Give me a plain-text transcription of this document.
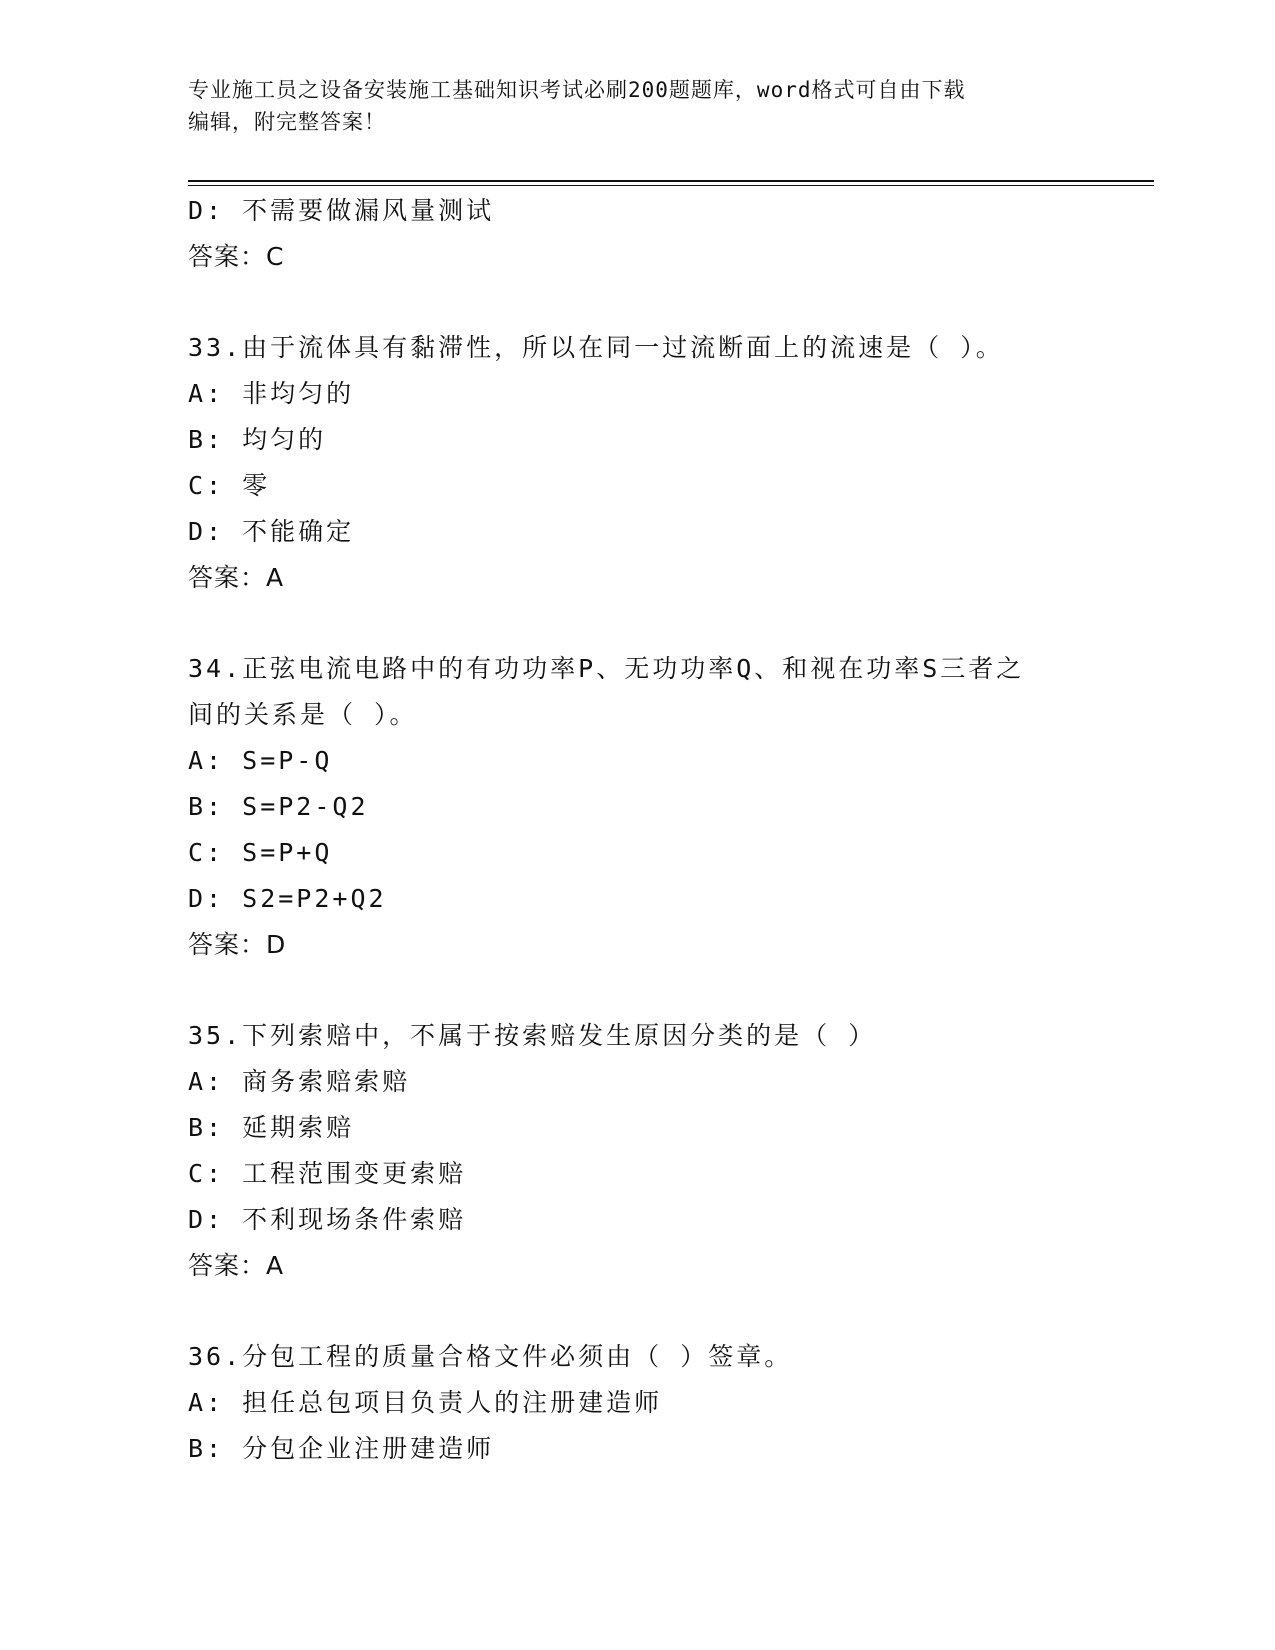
专业施工员之设备安装施工基础知识考试必刷200题题库，word格式可自由下载
编辑，附完整答案！
D: 不需要做漏风量测试
答案：C
33.由于流体具有黏滞性，所以在同一过流断面上的流速是（ ）。
A: 非均匀的
B: 均匀的
C: 零
D: 不能确定
答案：A
34.正弦电流电路中的有功功率P、无功功率Q、和视在功率S三者之
间的关系是（ ）。
A: S=P-Q
B: S=P2-Q2
C: S=P+Q
D: S2=P2+Q2
答案：D
35.下列索赔中，不属于按索赔发生原因分类的是（ ）
A: 商务索赔索赔
B: 延期索赔
C: 工程范围变更索赔
D: 不利现场条件索赔
答案：A
36.分包工程的质量合格文件必须由（ ）签章。
A: 担任总包项目负责人的注册建造师
B: 分包企业注册建造师
